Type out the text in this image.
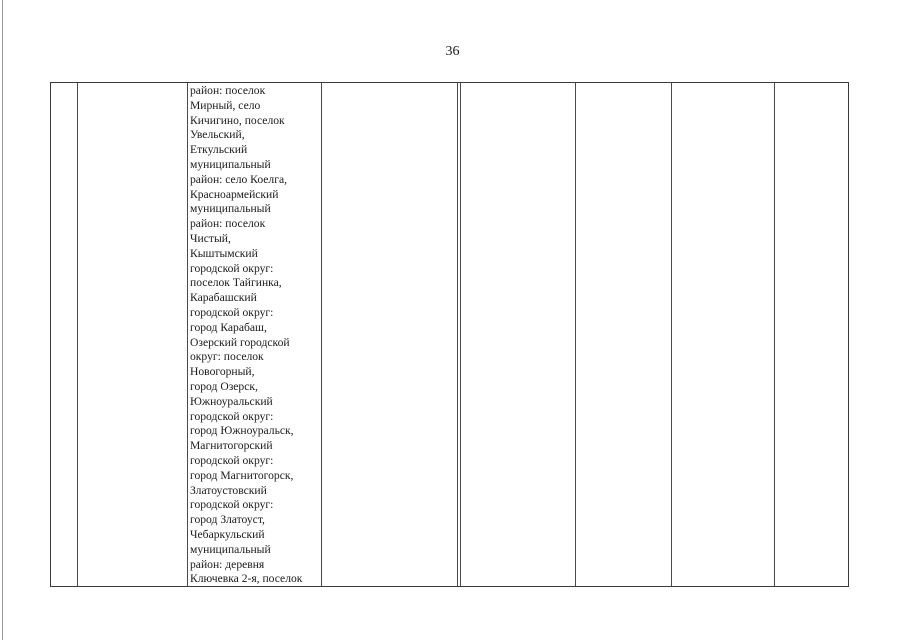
36
район: поселок
Мирный, село
Кичигино, поселок
Увельский,
Еткульский
муниципальный
район: село Коелга,
Красноармейский
муниципальный
район: поселок
Чистый,
Кыштымский
городской округ:
поселок Тайгинка,
Карабашский
городской округ:
город Карабаш,
Озерский городской
округ: поселок
Новогорный,
город Озерск,
Южноуральский
городской округ:
город Южноуральск,
Магнитогорский
городской округ:
город Магнитогорск,
Златоустовский
городской округ:
город Златоуст,
Чебаркульский
муниципальный
район: деревня
Ключевка 2-я, поселок
